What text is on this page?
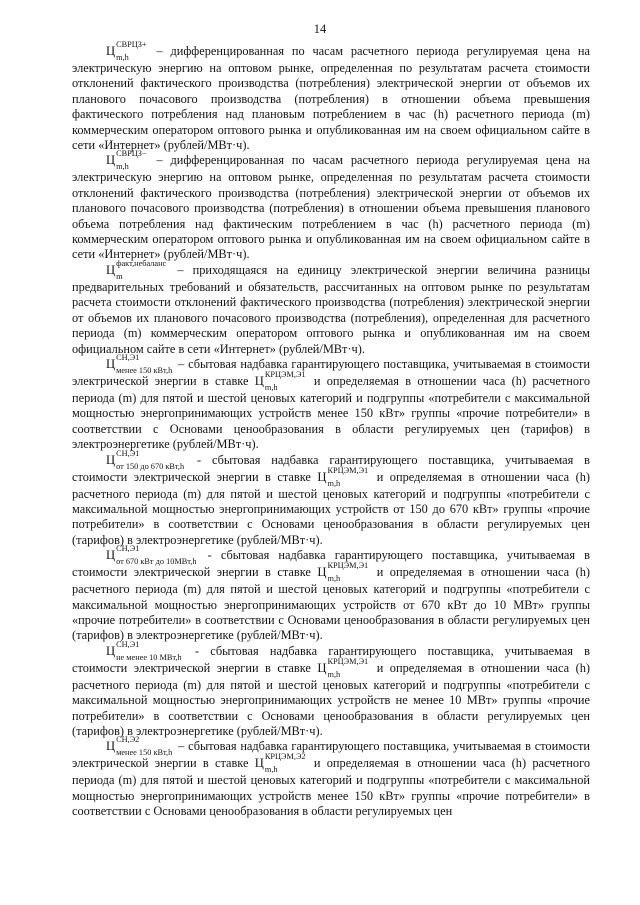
14

Ц СВРЦЗ+
m,h	– дифференцированная по часам расчетного периода регулируемая цена на электрическую энергию на оптовом рынке, определенная по результатам расчета стоимости отклонений фактического производства (потребления) электрической энергии от объемов их планового почасового производства (потребления) в отношении объема превышения фактического потребления над плановым потреблением в час (h) расчетного периода (m) коммерческим оператором оптового рынка и опубликованная им на своем официальном сайте в сети «Интернет» (рублей/МВт·ч).

Ц СВРЦЗ−
m,h	– дифференцированная по часам расчетного периода регулируемая цена на электрическую энергию на оптовом рынке, определенная по результатам расчета стоимости отклонений фактического производства (потребления) электрической энергии от объемов их планового почасового производства (потребления) в отношении объема превышения планового объема потребления над фактическим потреблением в час (h) расчетного периода (m) коммерческим оператором оптового рынка и опубликованная им на своем официальном сайте в сети «Интернет» (рублей/МВт·ч).

Ц факт,небаланс
m	– приходящаяся на единицу электрической энергии величина разницы предварительных требований и обязательств, рассчитанных на оптовом рынке по результатам расчета стоимости отклонений фактического производства (потребления) электрической энергии от объемов их планового почасового производства (потребления), определенная для расчетного периода (m) коммерческим оператором оптового рынка и опубликованная им на своем официальном сайте в сети «Интернет» (рублей/МВт·ч).

Ц СН,Э1
менее 150 кВт,h – сбытовая надбавка гарантирующего поставщика, учитываемая в стоимости электрической энергии в ставке Ц КРЦЭМ,Э1
m,h	и определяемая в отношении часа (h) расчетного периода (m) для пятой и шестой ценовых категорий и подгруппы «потребители с максимальной мощностью энергопринимающих устройств менее 150 кВт» группы «прочие потребители» в соответствии с Основами ценообразования в области регулируемых цен (тарифов) в электроэнергетике (рублей/МВт·ч).

Ц СН,Э1
от 150 до 670 кВт,h - сбытовая надбавка гарантирующего поставщика, учитываемая в стоимости электрической энергии в ставке Ц КРЦЭМ,Э1
m,h	и определяемая в отношении часа (h) расчетного периода (m) для пятой и шестой ценовых категорий и подгруппы «потребители с максимальной мощностью энергопринимающих устройств от 150 до 670 кВт» группы «прочие потребители» в соответствии с Основами ценообразования в области регулируемых цен (тарифов) в электроэнергетике (рублей/МВт·ч).

Ц СН,Э1
от 670 кВт до 10МВт,h - сбытовая надбавка гарантирующего поставщика, учитываемая в стоимости электрической энергии в ставке Ц КРЦЭМ,Э1
m,h	и определяемая в отношении часа (h) расчетного периода (m) для пятой и шестой ценовых категорий и подгруппы «потребители с максимальной мощностью энергопринимающих устройств от 670 кВт до 10 МВт» группы «прочие потребители» в соответствии с Основами ценообразования в области регулируемых цен (тарифов) в электроэнергетике (рублей/МВт·ч).

Ц СН,Э1
не менее 10 МВт,h - сбытовая надбавка гарантирующего поставщика, учитываемая в стоимости электрической энергии в ставке Ц КРЦЭМ,Э1
m,h	и определяемая в отношении часа (h) расчетного периода (m) для пятой и шестой ценовых категорий и подгруппы «потребители с максимальной мощностью энергопринимающих устройств не менее 10 МВт» группы «прочие потребители» в соответствии с Основами ценообразования в области регулируемых цен (тарифов) в электроэнергетике (рублей/МВт·ч).

Ц СН,Э2
менее 150 кВт,h – сбытовая надбавка гарантирующего поставщика, учитываемая в стоимости электрической энергии в ставке Ц КРЦЭМ,Э2
m,h	и определяемая в отношении часа (h) расчетного периода (m) для пятой и шестой ценовых категорий и подгруппы «потребители с максимальной мощностью энергопринимающих устройств менее 150 кВт» группы «прочие потребители» в соответствии с Основами ценообразования в области регулируемых цен
